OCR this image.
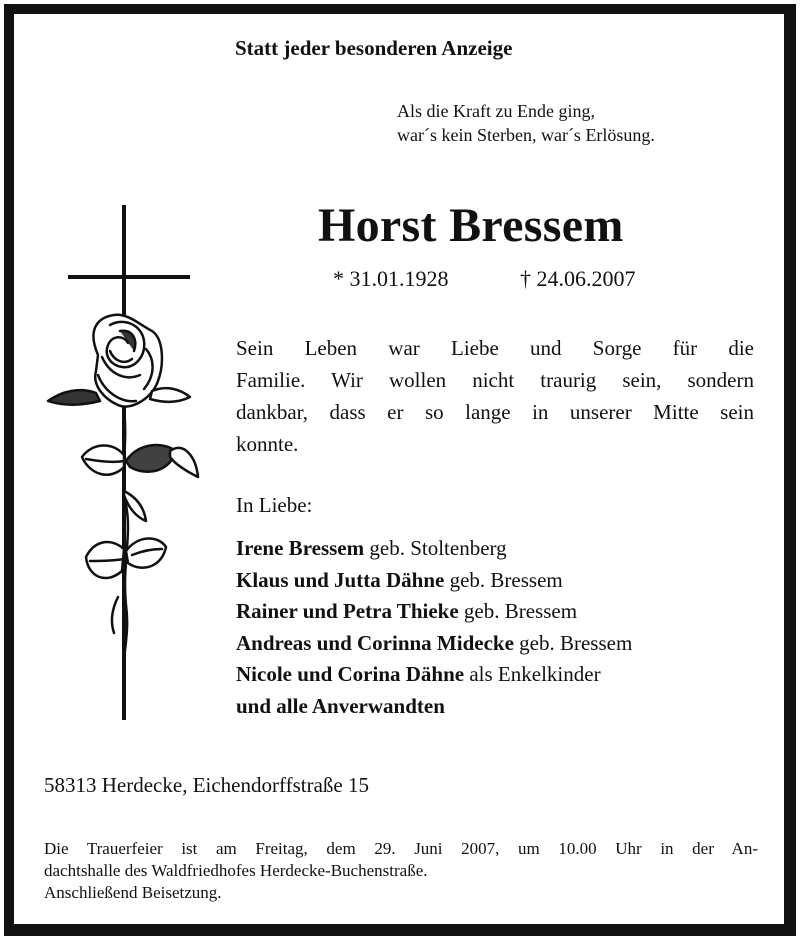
Statt jeder besonderen Anzeige
Als die Kraft zu Ende ging,
war´s kein Sterben, war´s Erlösung.
Horst Bressem
* 31.01.1928	† 24.06.2007
Sein Leben war Liebe und Sorge für die
Familie. Wir wollen nicht traurig sein, sondern
dankbar, dass er so lange in unserer Mitte sein
konnte.
In Liebe:
Irene Bressem geb. Stoltenberg
Klaus und Jutta Dähne geb. Bressem
Rainer und Petra Thieke geb. Bressem
Andreas und Corinna Midecke geb. Bressem
Nicole und Corina Dähne als Enkelkinder
und alle Anverwandten
58313 Herdecke, Eichendorffstraße 15
Die Trauerfeier ist am Freitag, dem 29. Juni 2007, um 10.00 Uhr in der An-
dachtshalle des Waldfriedhofes Herdecke-Buchenstraße.
Anschließend Beisetzung.
